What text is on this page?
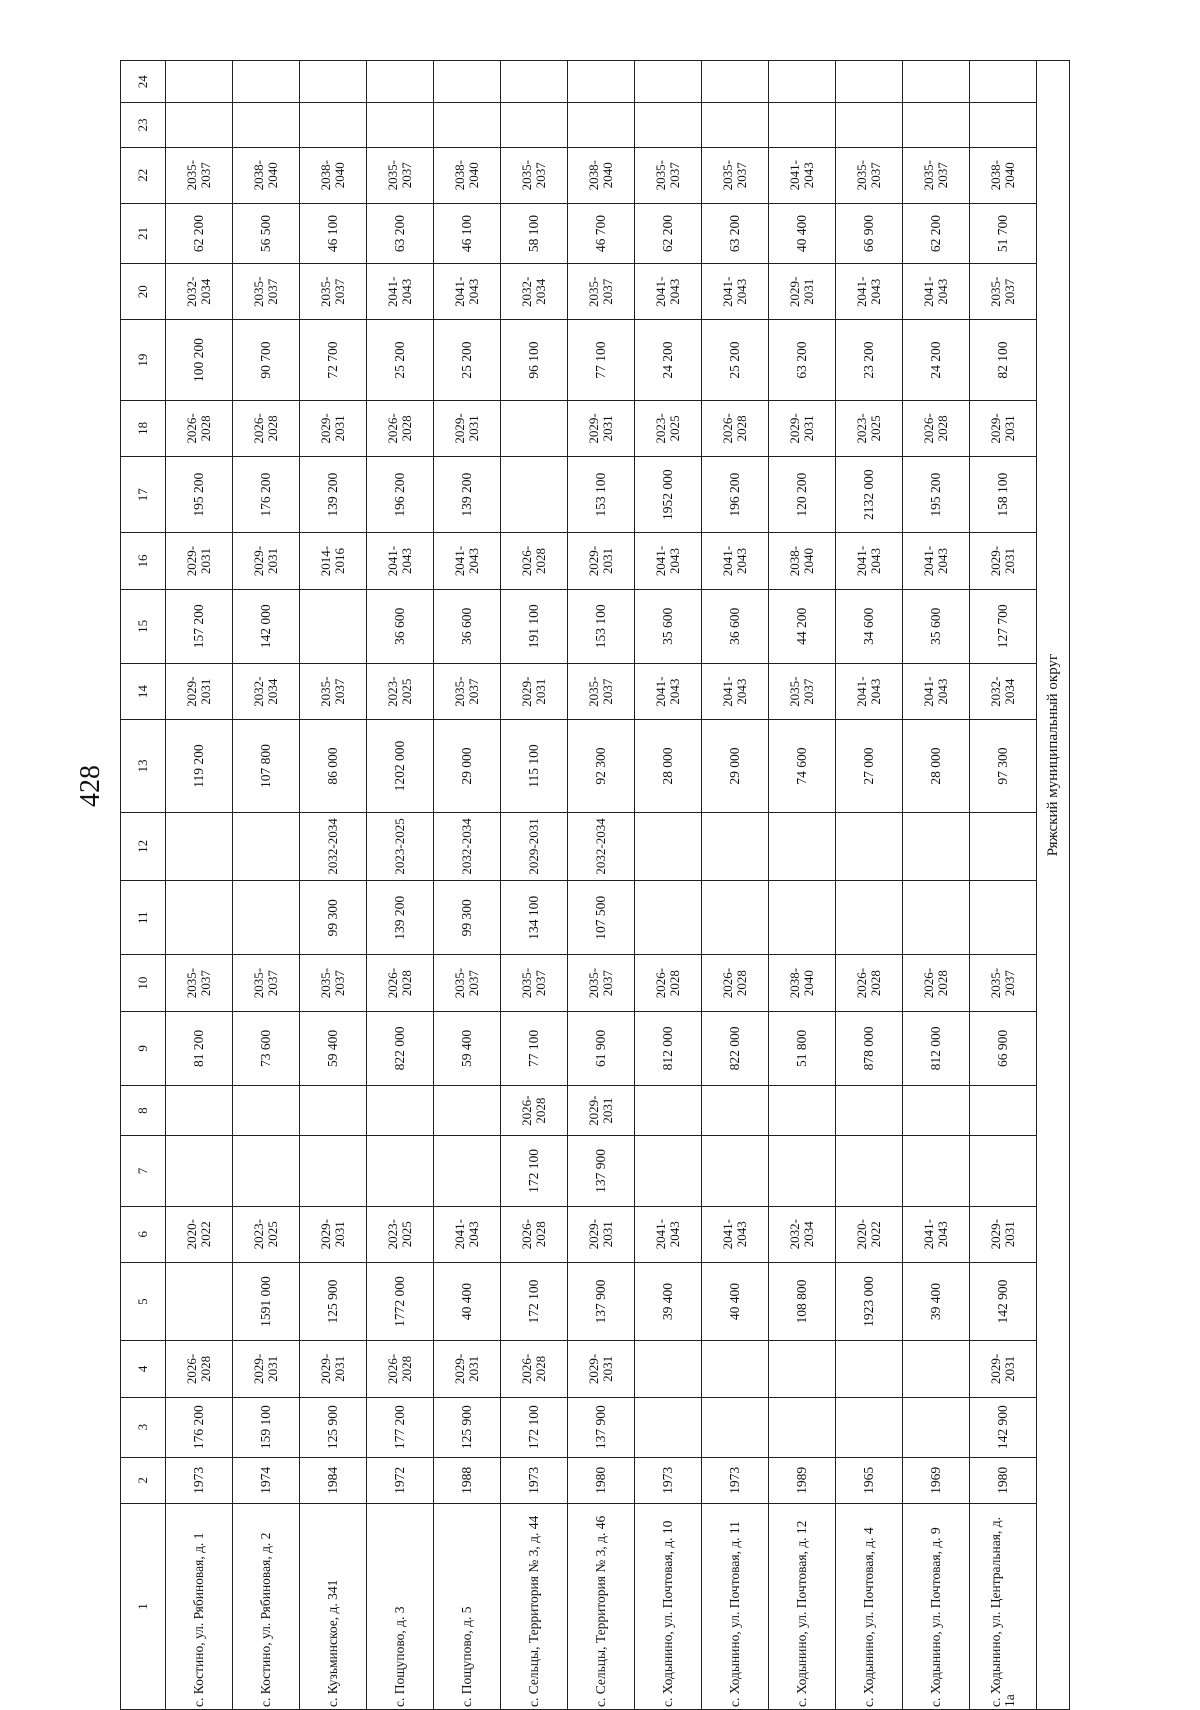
428
1	2	3	4	5	6	7	8	9	10	11	12	13	14	15	16	17	18	19	20	21	22	23	24
с. Костино, ул. Рябиновая, д. 1	1973	176 200	2026-2028		2020-2022			81 200	2035-2037			119 200	2029-2031	157 200	2029-2031	195 200	2026-2028	100 200	2032-2034	62 200	2035-2037		
с. Костино, ул. Рябиновая, д. 2	1974	159 100	2029-2031	1591 000	2023-2025			73 600	2035-2037			107 800	2032-2034	142 000	2029-2031	176 200	2026-2028	90 700	2035-2037	56 500	2038-2040		
с. Кузьминское, д. 341	1984	125 900	2029-2031	125 900	2029-2031			59 400	2035-2037	99 300	2032-2034	86 000	2035-2037		2014-2016	139 200	2029-2031	72 700	2035-2037	46 100	2038-2040		
с. Пощупово, д. 3	1972	177 200	2026-2028	1772 000	2023-2025			822 000	2026-2028	139 200	2023-2025	1202 000	2023-2025	36 600	2041-2043	196 200	2026-2028	25 200	2041-2043	63 200	2035-2037		
с. Пощупово, д. 5	1988	125 900	2029-2031	40 400	2041-2043			59 400	2035-2037	99 300	2032-2034	29 000	2035-2037	36 600	2041-2043	139 200	2029-2031	25 200	2041-2043	46 100	2038-2040		
с. Сельцы, Территория № 3, д. 44	1973	172 100	2026-2028	172 100	2026-2028	172 100	2026-2028	77 100	2035-2037	134 100	2029-2031	115 100	2029-2031	191 100	2026-2028			96 100	2032-2034	58 100	2035-2037		
с. Сельцы, Территория № 3, д. 46	1980	137 900	2029-2031	137 900	2029-2031	137 900	2029-2031	61 900	2035-2037	107 500	2032-2034	92 300	2035-2037	153 100	2029-2031	153 100	2029-2031	77 100	2035-2037	46 700	2038-2040		
с. Ходынино, ул. Почтовая, д. 10	1973			39 400	2041-2043			812 000	2026-2028			28 000	2041-2043	35 600	2041-2043	1952 000	2023-2025	24 200	2041-2043	62 200	2035-2037		
с. Ходынино, ул. Почтовая, д. 11	1973			40 400	2041-2043			822 000	2026-2028			29 000	2041-2043	36 600	2041-2043	196 200	2026-2028	25 200	2041-2043	63 200	2035-2037		
с. Ходынино, ул. Почтовая, д. 12	1989			108 800	2032-2034			51 800	2038-2040			74 600	2035-2037	44 200	2038-2040	120 200	2029-2031	63 200	2029-2031	40 400	2041-2043		
с. Ходынино, ул. Почтовая, д. 4	1965			1923 000	2020-2022			878 000	2026-2028			27 000	2041-2043	34 600	2041-2043	2132 000	2023-2025	23 200	2041-2043	66 900	2035-2037		
с. Ходынино, ул. Почтовая, д. 9	1969			39 400	2041-2043			812 000	2026-2028			28 000	2041-2043	35 600	2041-2043	195 200	2026-2028	24 200	2041-2043	62 200	2035-2037		
с. Ходынино, ул. Центральная, д. 1а	1980	142 900	2029-2031	142 900	2029-2031			66 900	2035-2037			97 300	2032-2034	127 700	2029-2031	158 100	2029-2031	82 100	2035-2037	51 700	2038-2040		
Ряжский муниципальный округ																							
